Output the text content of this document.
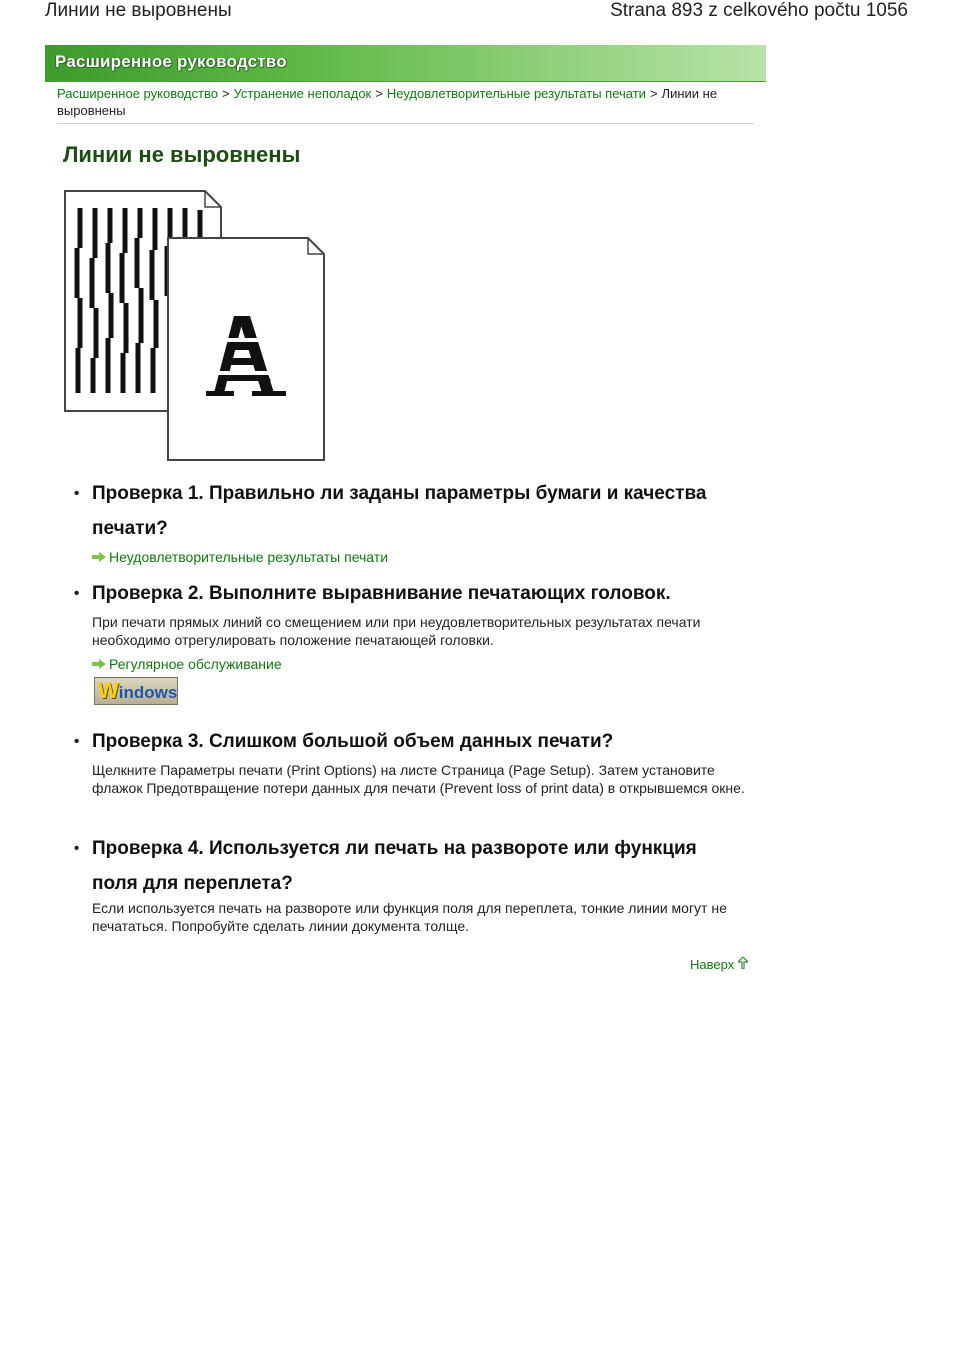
Линии не выровнены	Strana 893 z celkového počtu 1056
Расширенное руководство
Расширенное руководство > Устранение неполадок > Неудовлетворительные результаты печати > Линии не выровнены
Линии не выровнены
• Проверка 1. Правильно ли заданы параметры бумаги и качества печати?
Неудовлетворительные результаты печати
• Проверка 2. Выполните выравнивание печатающих головок.
При печати прямых линий со смещением или при неудовлетворительных результатах печати необходимо отрегулировать положение печатающей головки.
Регулярное обслуживание
Windows
• Проверка 3. Слишком большой объем данных печати?
Щелкните Параметры печати (Print Options) на листе Страница (Page Setup). Затем установите флажок Предотвращение потери данных для печати (Prevent loss of print data) в открывшемся окне.
• Проверка 4. Используется ли печать на развороте или функция поля для переплета?
Если используется печать на развороте или функция поля для переплета, тонкие линии могут не печататься. Попробуйте сделать линии документа толще.
Наверх
